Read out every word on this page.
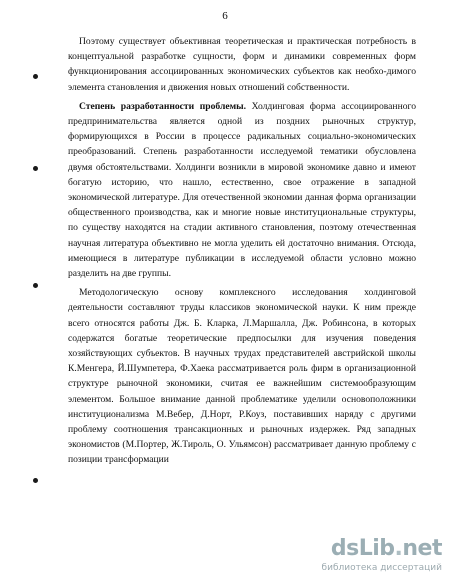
6

Поэтому существует объективная теоретическая и практическая потребность в концептуальной разработке сущности, форм и динамики современных форм функционирования ассоциированных экономических субъектов как необхо-димого элемента становления и движения новых отношений собственности.

Степень разработанности проблемы. Холдинговая форма ассоциированного предпринимательства является одной из поздних рыночных структур, формирующихся в России в процессе радикальных социально-экономических преобразований. Степень разработанности исследуемой тематики обусловлена двумя обстоятельствами. Холдинги возникли в мировой экономике давно и имеют богатую историю, что нашло, естественно, свое отражение в западной экономической литературе. Для отечественной экономии данная форма организации общественного производства, как и многие новые институциональные структуры, по существу находятся на стадии активного становления, поэтому отечественная научная литература объективно не могла уделить ей достаточно внимания. Отсюда, имеющиеся в литературе публикации в исследуемой области условно можно разделить на две группы.

Методологическую основу комплексного исследования холдинговой деятельности составляют труды классиков экономической науки. К ним прежде всего относятся работы Дж. Б. Кларка, Л.Маршалла, Дж. Робинсона, в которых содержатся богатые теоретические предпосылки для изучения поведения хозяйствующих субъектов. В научных трудах представителей австрийской школы К.Менгера, Й.Шумпетера, Ф.Хаека рассматривается роль фирм в организационной структуре рыночной экономики, считая ее важнейшим системообразующим элементом. Большое внимание данной проблематике уделили основоположники институционализма М.Вебер, Д.Норт, Р.Коуз, поставивших наряду с другими проблему соотношения трансакционных и рыночных издержек. Ряд западных экономистов (М.Портер, Ж.Тироль, О. Ульямсон) рассматривает данную проблему с позиции трансформации

dsLib.net
библиотека диссертаций
